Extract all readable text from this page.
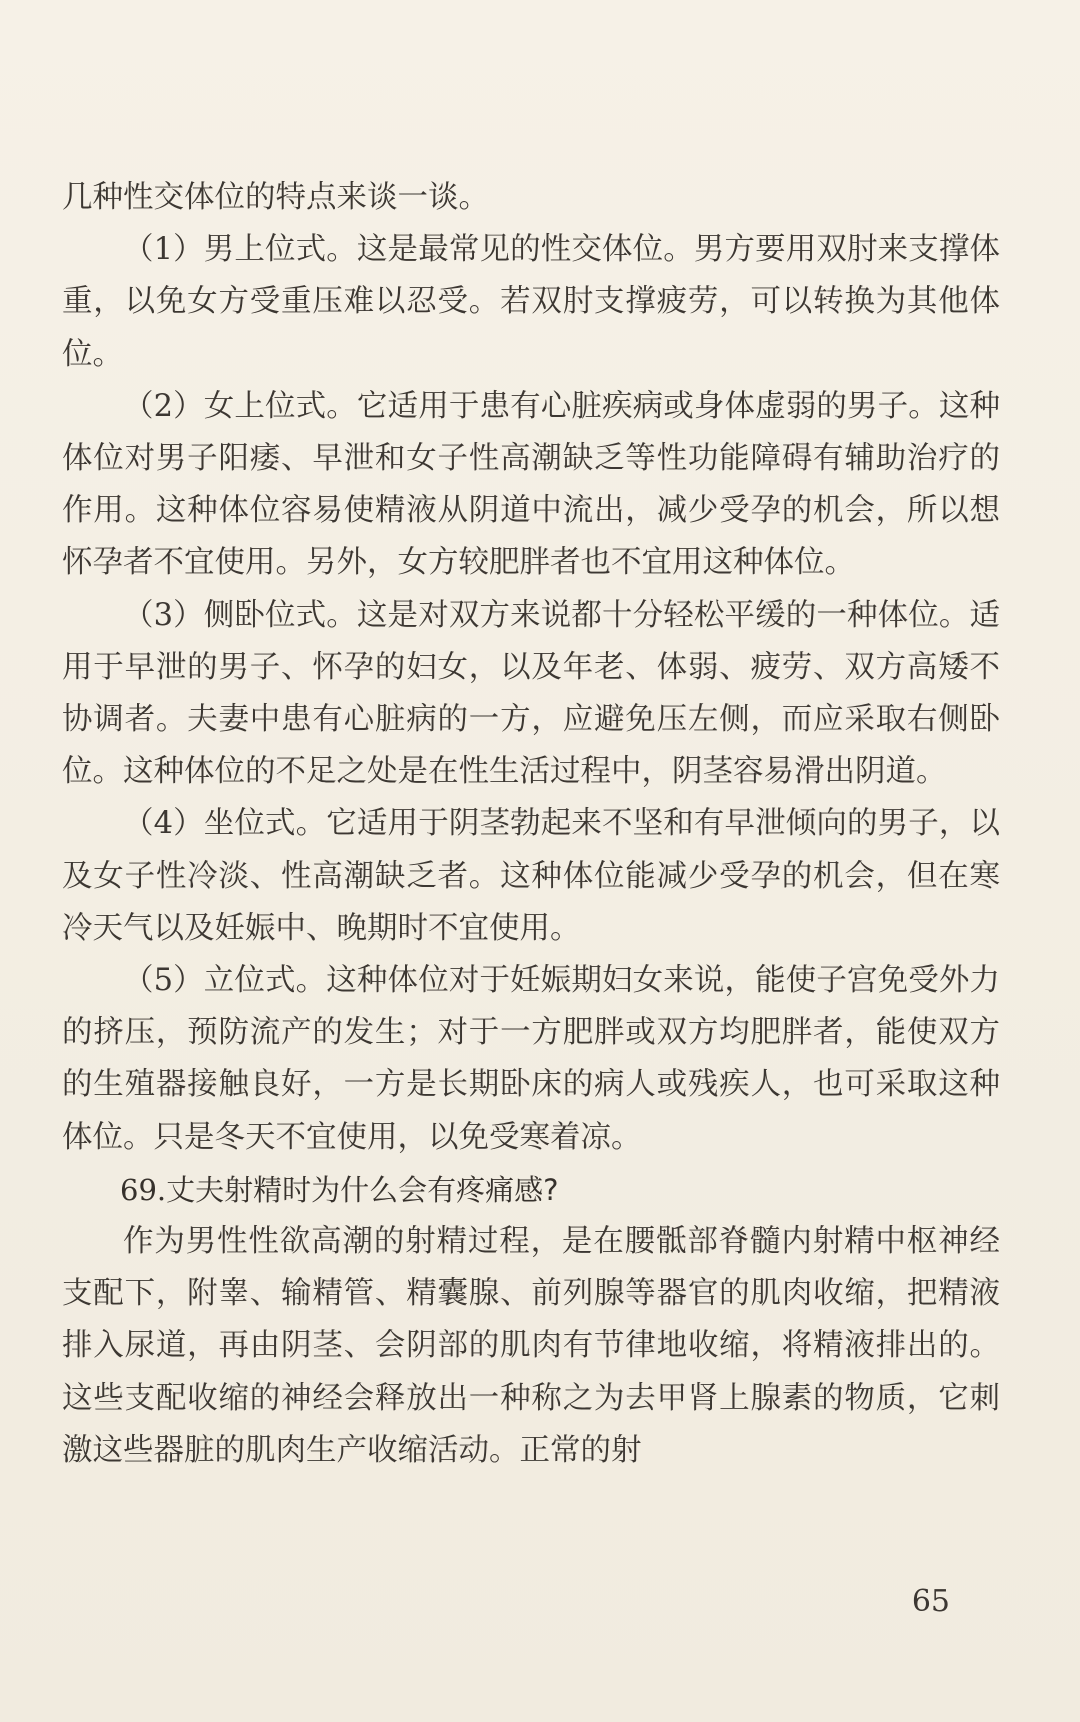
几种性交体位的特点来谈一谈。

（1）男上位式。这是最常见的性交体位。男方要用双肘来支撑体重，以免女方受重压难以忍受。若双肘支撑疲劳，可以转换为其他体位。

（2）女上位式。它适用于患有心脏疾病或身体虚弱的男子。这种体位对男子阳痿、早泄和女子性高潮缺乏等性功能障碍有辅助治疗的作用。这种体位容易使精液从阴道中流出，减少受孕的机会，所以想怀孕者不宜使用。另外，女方较肥胖者也不宜用这种体位。

（3）侧卧位式。这是对双方来说都十分轻松平缓的一种体位。适用于早泄的男子、怀孕的妇女，以及年老、体弱、疲劳、双方高矮不协调者。夫妻中患有心脏病的一方，应避免压左侧，而应采取右侧卧位。这种体位的不足之处是在性生活过程中，阴茎容易滑出阴道。

（4）坐位式。它适用于阴茎勃起来不坚和有早泄倾向的男子，以及女子性冷淡、性高潮缺乏者。这种体位能减少受孕的机会，但在寒冷天气以及妊娠中、晚期时不宜使用。

（5）立位式。这种体位对于妊娠期妇女来说，能使子宫免受外力的挤压，预防流产的发生；对于一方肥胖或双方均肥胖者，能使双方的生殖器接触良好，一方是长期卧床的病人或残疾人，也可采取这种体位。只是冬天不宜使用，以免受寒着凉。

69.丈夫射精时为什么会有疼痛感?

作为男性性欲高潮的射精过程，是在腰骶部脊髓内射精中枢神经支配下，附睾、输精管、精囊腺、前列腺等器官的肌肉收缩，把精液排入尿道，再由阴茎、会阴部的肌肉有节律地收缩，将精液排出的。这些支配收缩的神经会释放出一种称之为去甲肾上腺素的物质，它刺激这些器脏的肌肉生产收缩活动。正常的射

65
